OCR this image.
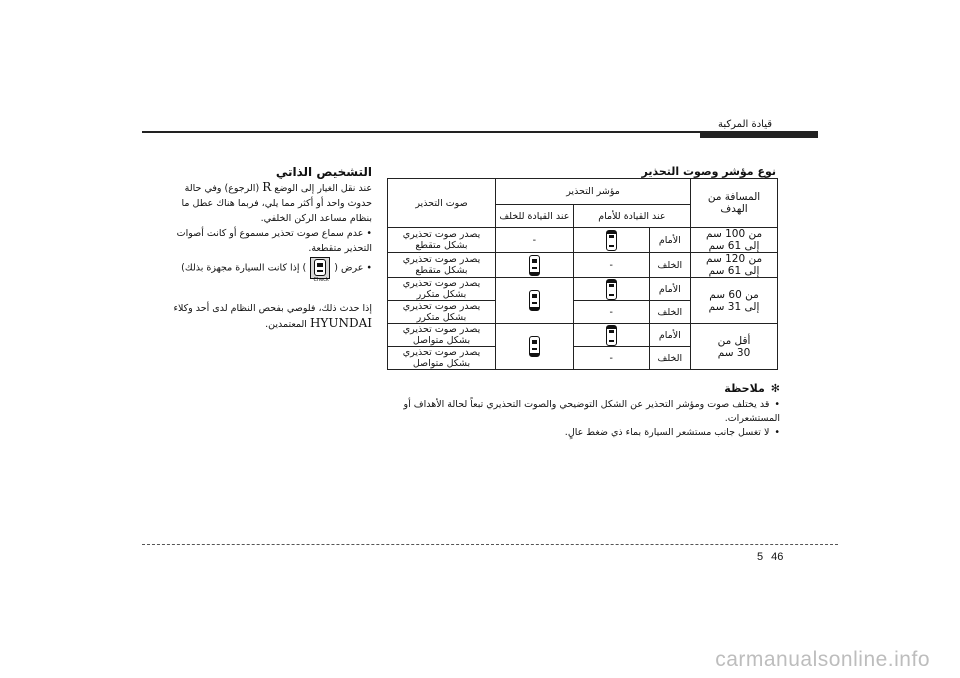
قيادة المركبة
نوع مؤشر وصوت التحذير
المسافة من الهدف	مؤشر التحذير			صوت التحذير
	عند القيادة للأمام		عند القيادة للخلف	
من 100 سم
إلى 61 سم	الأمام		-	يصدر صوت تحذيري بشكل متقطع
من 120 سم
إلى 61 سم	الخلف	-		يصدر صوت تحذيري بشكل متقطع
من 60 سم
إلى 31 سم	الأمام			يصدر صوت تحذيري بشكل متكرر
	الخلف	-		يصدر صوت تحذيري بشكل متكرر
أقل من
30 سم	الأمام			يصدر صوت تحذيري بشكل متواصل
	الخلف	-		يصدر صوت تحذيري بشكل متواصل
✻ملاحظة
•قد يختلف صوت ومؤشر التحذير عن الشكل التوضيحي والصوت التحذيري تبعاً لحالة الأهداف أو المستشعرات.
•لا تغسل جانب مستشعر السيارة بماء ذي ضغط عالٍ.
التشخيص الذاتي
عند نقل الغيار إلى الوضع R (الرجوع) وفي حالة حدوث واحد أو أكثر مما يلي، فربما هناك عطل ما بنظام مساعد الركن الخلفي.
• عدم سماع صوت تحذير مسموع أو كانت أصوات التحذير متقطعة.
• عرض (
Check
) إذا كانت السيارة مجهزة بذلك)
إذا حدث ذلك، فلوصي بفحص النظام لدى أحد وكلاء HYUNDAI المعتمدين.
5 46
carmanualsonline.info
